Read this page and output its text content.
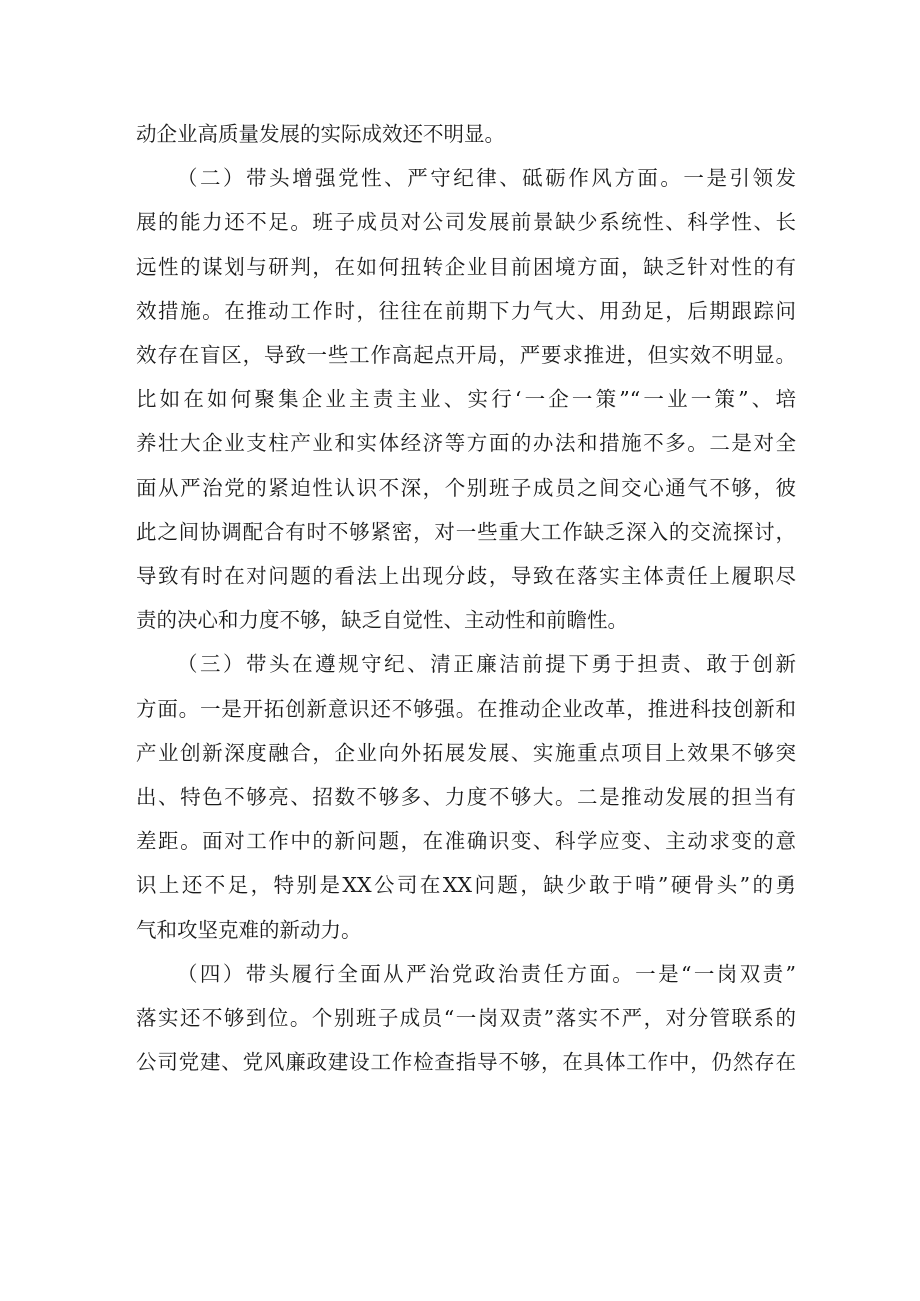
动企业高质量发展的实际成效还不明显。
（二）带头增强党性、严守纪律、砥砺作风方面。一是引领发
展的能力还不足。班子成员对公司发展前景缺少系统性、科学性、长
远性的谋划与研判，在如何扭转企业目前困境方面，缺乏针对性的有
效措施。在推动工作时，往往在前期下力气大、用劲足，后期跟踪问
效存在盲区，导致一些工作高起点开局，严要求推进，但实效不明显。
比如在如何聚集企业主责主业、实行‘一企一策”“一业一策”、培
养壮大企业支柱产业和实体经济等方面的办法和措施不多。二是对全
面从严治党的紧迫性认识不深，个别班子成员之间交心通气不够，彼
此之间协调配合有时不够紧密，对一些重大工作缺乏深入的交流探讨，
导致有时在对问题的看法上出现分歧，导致在落实主体责任上履职尽
责的决心和力度不够，缺乏自觉性、主动性和前瞻性。
（三）带头在遵规守纪、清正廉洁前提下勇于担责、敢于创新
方面。一是开拓创新意识还不够强。在推动企业改革，推进科技创新和
产业创新深度融合，企业向外拓展发展、实施重点项目上效果不够突
出、特色不够亮、招数不够多、力度不够大。二是推动发展的担当有
差距。面对工作中的新问题，在准确识变、科学应变、主动求变的意
识上还不足，特别是XX公司在XX问题，缺少敢于啃”硬骨头”的勇
气和攻坚克难的新动力。
（四）带头履行全面从严治党政治责任方面。一是“一岗双责”
落实还不够到位。个别班子成员“一岗双责”落实不严，对分管联系的
公司党建、党风廉政建设工作检查指导不够，在具体工作中，仍然存在
